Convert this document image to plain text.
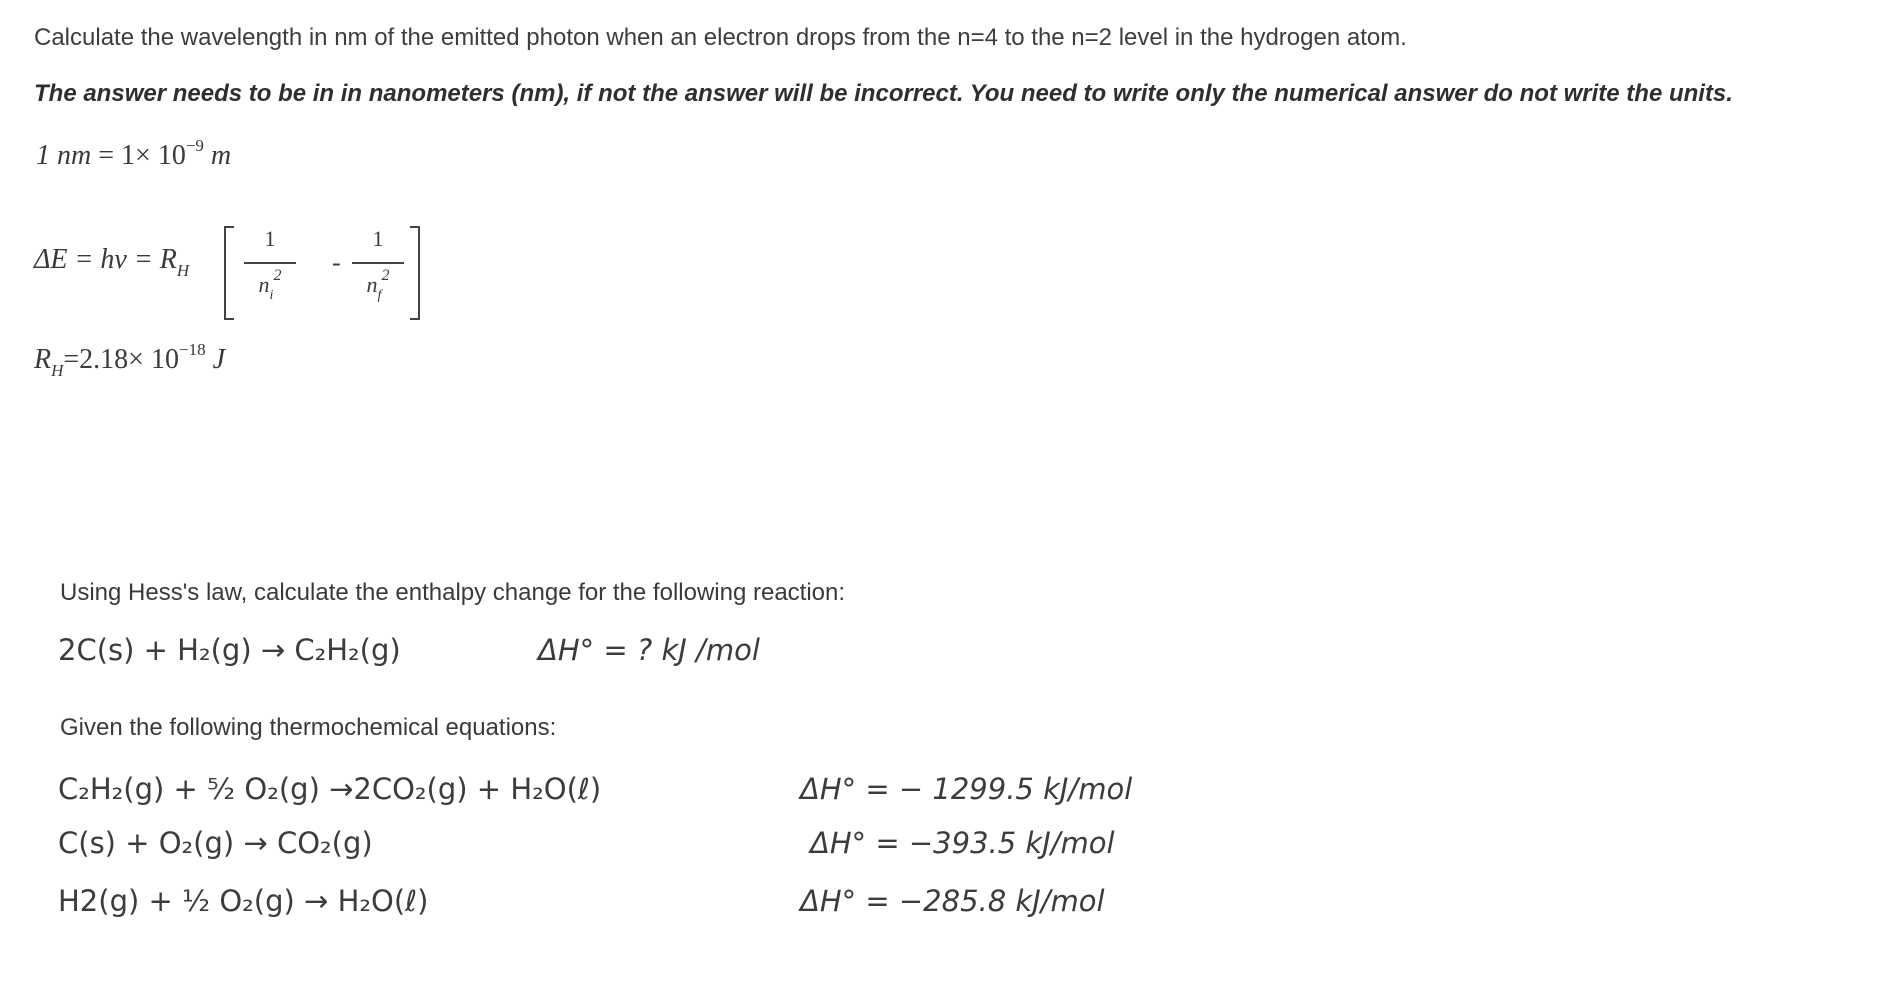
Calculate the wavelength in nm of the emitted photon when an electron drops from the n=4 to the n=2 level in the hydrogen atom.
The answer needs to be in in nanometers (nm), if not the answer will be incorrect. You need to write only the numerical answer do not write the units.
1 nm = $1\times 10^{-9}$ m
$\Delta E = h\nu = R_H$
1
$n_i^2$	-
1
$n_f^2$
$R_H=2.18\times 10^{-18}$ J
Using Hess's law, calculate the enthalpy change for the following reaction:
2C(s) + H₂(g) → C₂H₂(g)	ΔH° = ? kJ /mol
Given the following thermochemical equations:
C₂H₂(g) + ⁵⁄₂ O₂(g) →2CO₂(g) + H₂O(ℓ)	ΔH° = − 1299.5 kJ/mol
C(s) + O₂(g) → CO₂(g)	ΔH° = −393.5 kJ/mol
H2(g) + ½ O₂(g) → H₂O(ℓ)	ΔH° = −285.8 kJ/mol
